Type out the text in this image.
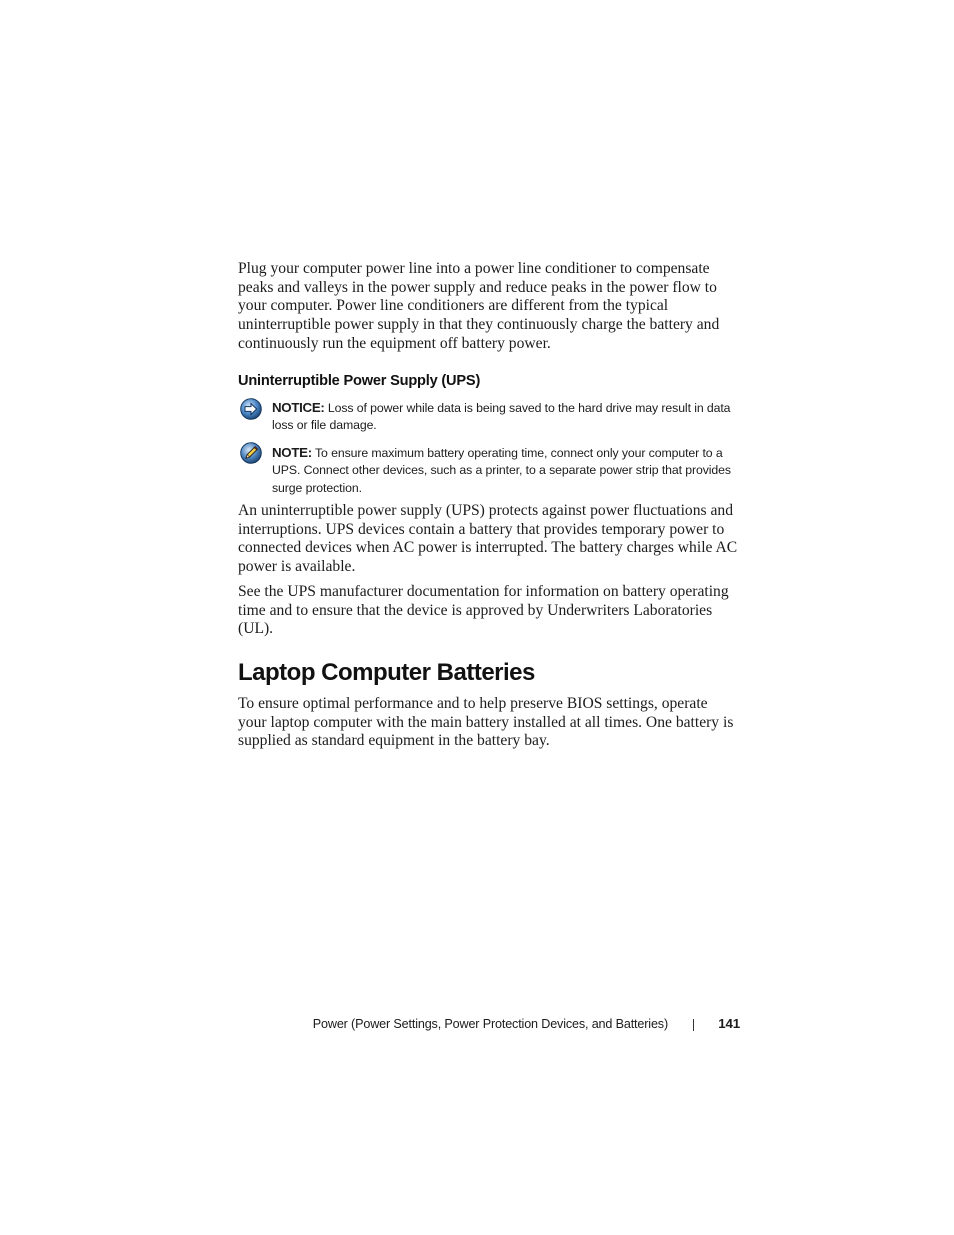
Plug your computer power line into a power line conditioner to compensate peaks and valleys in the power supply and reduce peaks in the power flow to your computer. Power line conditioners are different from the typical uninterruptible power supply in that they continuously charge the battery and continuously run the equipment off battery power.

Uninterruptible Power Supply (UPS)
NOTICE: Loss of power while data is being saved to the hard drive may result in data loss or file damage.
NOTE: To ensure maximum battery operating time, connect only your computer to a UPS. Connect other devices, such as a printer, to a separate power strip that provides surge protection.

An uninterruptible power supply (UPS) protects against power fluctuations and interruptions. UPS devices contain a battery that provides temporary power to connected devices when AC power is interrupted. The battery charges while AC power is available.

See the UPS manufacturer documentation for information on battery operating time and to ensure that the device is approved by Underwriters Laboratories (UL).

Laptop Computer Batteries

To ensure optimal performance and to help preserve BIOS settings, operate your laptop computer with the main battery installed at all times. One battery is supplied as standard equipment in the battery bay.

Power (Power Settings, Power Protection Devices, and Batteries)	141
